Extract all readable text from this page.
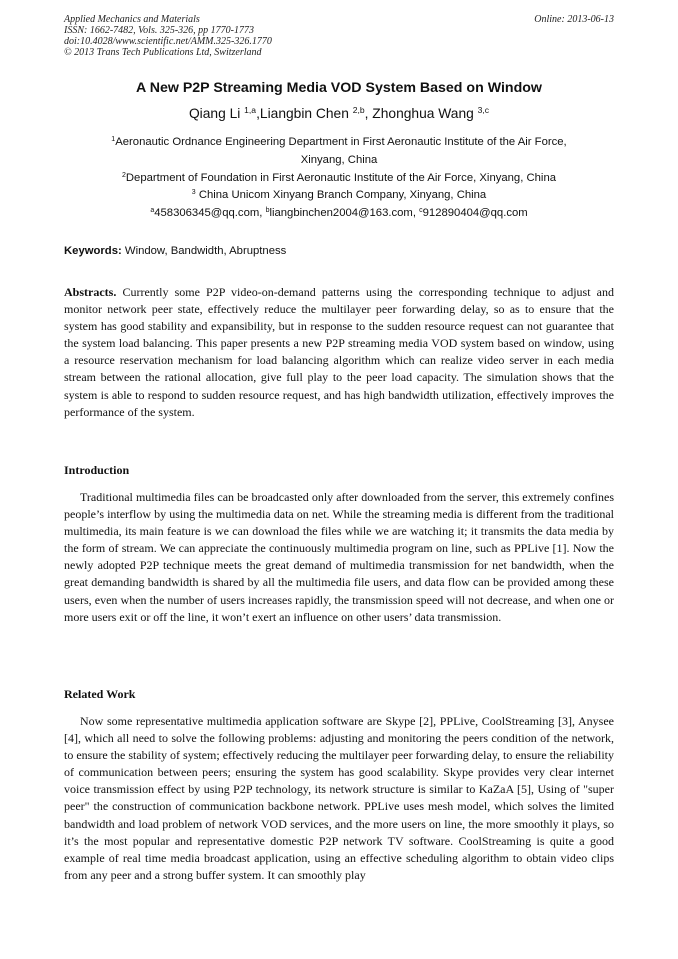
Applied Mechanics and Materials
ISSN: 1662-7482, Vols. 325-326, pp 1770-1773
doi:10.4028/www.scientific.net/AMM.325-326.1770
© 2013 Trans Tech Publications Ltd, Switzerland
Online: 2013-06-13
A New P2P Streaming Media VOD System Based on Window
Qiang Li $^{1,a}$,Liangbin Chen $^{2,b}$, Zhonghua Wang $^{3,c}$
$^1$Aeronautic Ordnance Engineering Department in First Aeronautic Institute of the Air Force,
Xinyang, China
$^2$Department of Foundation in First Aeronautic Institute of the Air Force, Xinyang, China
$^3$ China Unicom Xinyang Branch Company, Xinyang, China
$^a$458306345@qq.com, $^b$liangbinchen2004@163.com, $^c$912890404@qq.com
Keywords: Window, Bandwidth, Abruptness
Abstracts. Currently some P2P video-on-demand patterns using the corresponding technique to adjust and monitor network peer state, effectively reduce the multilayer peer forwarding delay, so as to ensure that the system has good stability and expansibility, but in response to the sudden resource request can not guarantee that the system load balancing. This paper presents a new P2P streaming media VOD system based on window, using a resource reservation mechanism for load balancing algorithm which can realize video server in each media stream between the rational allocation, give full play to the peer load capacity. The simulation shows that the system is able to respond to sudden resource request, and has high bandwidth utilization, effectively improves the performance of the system.
Introduction
Traditional multimedia files can be broadcasted only after downloaded from the server, this extremely confines people’s interflow by using the multimedia data on net. While the streaming media is different from the traditional multimedia, its main feature is we can download the files while we are watching it; it transmits the data media by the form of stream. We can appreciate the continuously multimedia program on line, such as PPLive [1]. Now the newly adopted P2P technique meets the great demand of multimedia transmission for net bandwidth, when the great demanding bandwidth is shared by all the multimedia file users, and data flow can be provided among these users, even when the number of users increases rapidly, the transmission speed will not decrease, and when one or more users exit or off the line, it won’t exert an influence on other users’ data transmission.
Related Work
Now some representative multimedia application software are Skype [2], PPLive, CoolStreaming [3], Anysee [4], which all need to solve the following problems: adjusting and monitoring the peers condition of the network, to ensure the stability of system; effectively reducing the multilayer peer forwarding delay, to ensure the reliability of communication between peers; ensuring the system has good scalability. Skype provides very clear internet voice transmission effect by using P2P technology, its network structure is similar to KaZaA [5], Using of "super peer" the construction of communication backbone network. PPLive uses mesh model, which solves the limited bandwidth and load problem of network VOD services, and the more users on line, the more smoothly it plays, so it’s the most popular and representative domestic P2P network TV software. CoolStreaming is quite a good example of real time media broadcast application, using an effective scheduling algorithm to obtain video clips from any peer and a strong buffer system. It can smoothly play
